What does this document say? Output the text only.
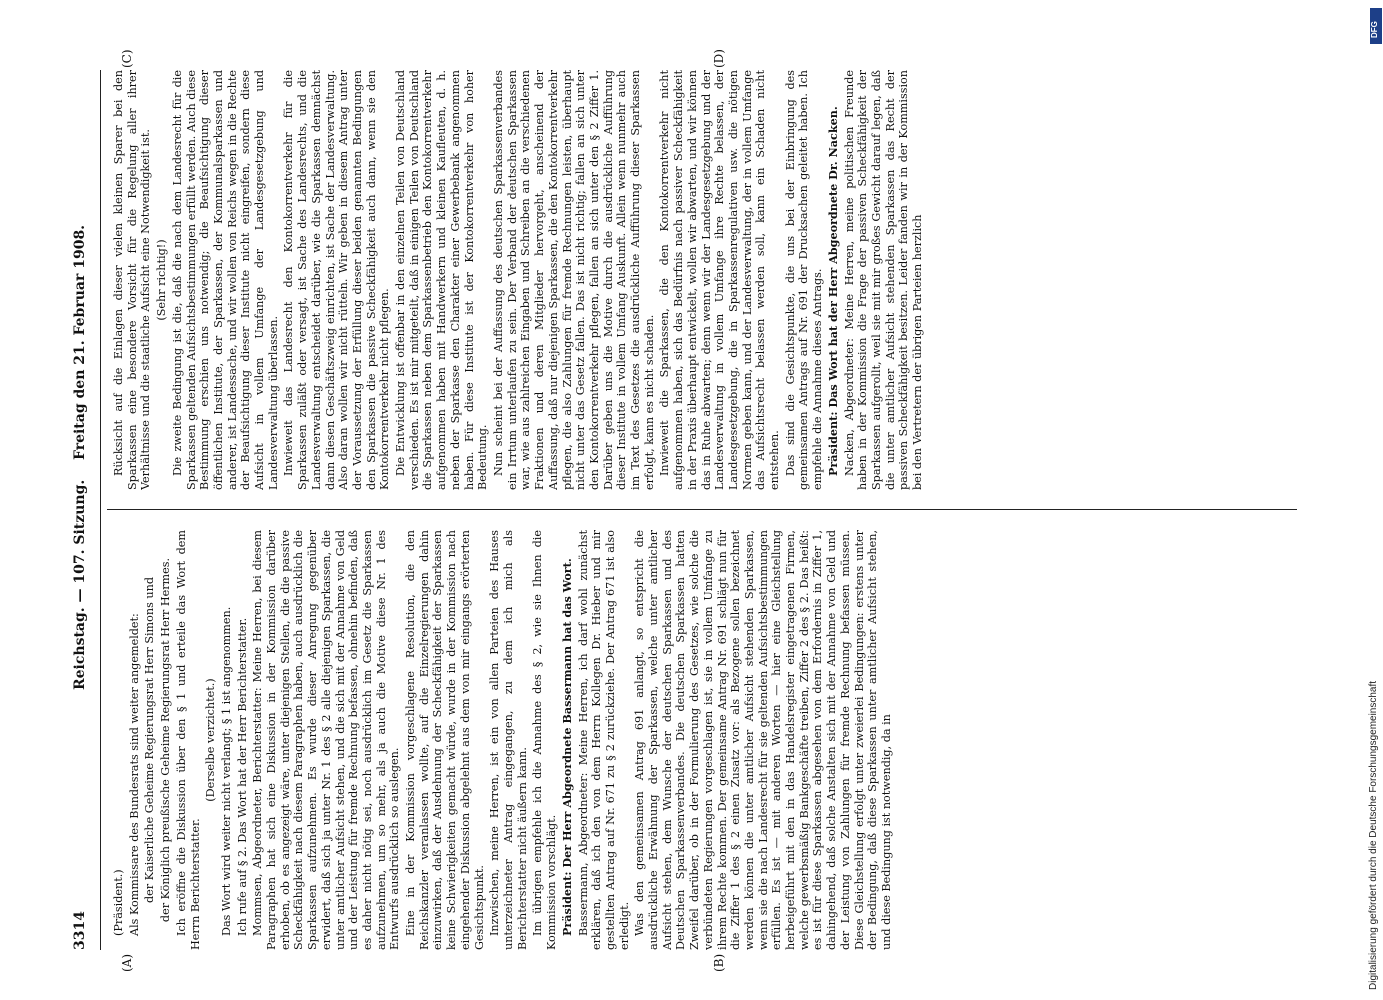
3314
Reichstag. — 107. Sitzung.
Freitag den 21. Februar 1908.
(A)	(B)
(C)	(D)

(Präsident.) Als Kommissare des Bundesrats sind weiter angemeldet: der Kaiserliche Geheime Regierungsrat Herr Simons und der Königlich preußische Geheime Regierungsrat Herr Hermes. Ich eröffne die Diskussion über den § 1 und erteile das Wort dem Herrn Berichterstatter.

(Derselbe verzichtet.) Das Wort wird weiter nicht verlangt; § 1 ist angenommen. Ich rufe auf § 2. Das Wort hat der Herr Berichterstatter. Mommsen, Abgeordneter, Berichterstatter: Meine Herren, bei diesem Paragraphen hat sich eine Diskussion in der Kommission darüber erhoben, ob es angezeigt wäre, unter diejenigen Stellen, die die passive Scheckfähigkeit nach diesem Paragraphen haben, auch ausdrücklich die Sparkassen aufzunehmen. Es wurde dieser Anregung gegenüber erwidert, daß sich ja unter Nr. 1 des § 2 alle diejenigen Sparkassen, die unter amtlicher Aufsicht stehen, und die sich mit der Annahme von Geld und der Leistung für fremde Rechnung befassen, ohnehin befinden, daß es daher nicht nötig sei, noch ausdrücklich im Gesetz die Sparkassen aufzunehmen, um so mehr, als ja auch die Motive diese Nr. 1 des Entwurfs ausdrücklich so auslegen. Eine in der Kommission vorgeschlagene Resolution, die den Reichskanzler veranlassen wollte, auf die Einzelregierungen dahin einzuwirken, daß der Ausdehnung der Scheckfähigkeit der Sparkassen keine Schwierigkeiten gemacht würde, wurde in der Kommission nach eingehender Diskussion abgelehnt aus dem von mir eingangs erörterten Gesichtspunkt. Inzwischen, meine Herren, ist ein von allen Parteien des Hauses unterzeichneter Antrag eingegangen, zu dem ich mich als Berichterstatter nicht äußern kann. Im übrigen empfehle ich die Annahme des § 2, wie sie Ihnen die Kommission vorschlägt. Präsident: Der Herr Abgeordnete Bassermann hat das Wort. Bassermann, Abgeordneter: Meine Herren, ich darf wohl zunächst erklären, daß ich den von dem Herrn Kollegen Dr. Hieber und mir gestellten Antrag auf Nr. 671 zu § 2 zurückziehe. Der Antrag 671 ist also erledigt. Was den gemeinsamen Antrag 691 anlangt, so entspricht die ausdrückliche Erwähnung der Sparkassen, welche unter amtlicher Aufsicht stehen, dem Wunsche der deutschen Sparkassen und des Deutschen Sparkassenverbandes. Die deutschen Sparkassen hatten Zweifel darüber, ob in der Formulierung des Gesetzes, wie solche die verbündeten Regierungen vorgeschlagen ist, sie in vollem Umfange zu ihrem Rechte kommen. Der gemeinsame Antrag Nr. 691 schlägt nun für die Ziffer 1 des § 2 einen Zusatz vor: als Bezogene sollen bezeichnet werden können die unter amtlicher Aufsicht stehenden Sparkassen, wenn sie die nach Landesrecht für sie geltenden Aufsichtsbestimmungen erfüllen. Es ist — mit anderen Worten — hier eine Gleichstellung herbeigeführt mit den in das Handelsregister eingetragenen Firmen, welche gewerbsmäßig Bankgeschäfte treiben, Ziffer 2 des § 2. Das heißt: es ist für diese Sparkassen abgesehen von dem Erfordernis in Ziffer 1, dahingehend, daß solche Anstalten sich mit der Annahme von Geld und der Leistung von Zahlungen für fremde Rechnung befassen müssen. Diese Gleichstellung erfolgt unter zweierlei Bedingungen: erstens unter der Bedingung, daß diese Sparkassen unter amtlicher Aufsicht stehen, und diese Bedingung ist notwendig, da in

Rücksicht auf die Einlagen dieser vielen kleinen Sparer bei den Sparkassen eine besondere Vorsicht für die Regelung aller ihrer Verhältnisse und die staatliche Aufsicht eine Notwendigkeit ist. (Sehr richtig!) Die zweite Bedingung ist die, daß die nach dem Landesrecht für die Sparkassen geltenden Aufsichtsbestimmungen erfüllt werden. Auch diese Bestimmung erschien uns notwendig; die Beaufsichtigung dieser öffentlichen Institute, der Sparkassen, der Kommunalsparkassen und anderer, ist Landessache, und wir wollen von Reichs wegen in die Rechte der Beaufsichtigung dieser Institute nicht eingreifen, sondern diese Aufsicht in vollem Umfange der Landesgesetzgebung und Landesverwaltung überlassen. Inwieweit das Landesrecht den Kontokorrentverkehr für die Sparkassen zuläßt oder versagt, ist Sache des Landesrechts, und die Landesverwaltung entscheidet darüber, wie die Sparkassen demnächst dann diesen Geschäftszweig einrichten, ist Sache der Landesverwaltung. Also daran wollen wir nicht rütteln. Wir geben in diesem Antrag unter der Voraussetzung der Erfüllung dieser beiden genannten Bedingungen den Sparkassen die passive Scheckfähigkeit auch dann, wenn sie den Kontokorrentverkehr nicht pflegen. Die Entwicklung ist offenbar in den einzelnen Teilen von Deutschland verschieden. Es ist mir mitgeteilt, daß in einigen Teilen von Deutschland die Sparkassen neben dem Sparkassenbetrieb den Kontokorrentverkehr aufgenommen haben mit Handwerkern und kleinen Kaufleuten, d. h. neben der Sparkasse den Charakter einer Gewerbebank angenommen haben. Für diese Institute ist der Kontokorrentverkehr von hoher Bedeutung. Nun scheint bei der Auffassung des deutschen Sparkassenverbandes ein Irrtum unterlaufen zu sein. Der Verband der deutschen Sparkassen war, wie aus zahlreichen Eingaben und Schreiben an die verschiedenen Fraktionen und deren Mitglieder hervorgeht, anscheinend der Auffassung, daß nur diejenigen Sparkassen, die den Kontokorrentverkehr pflegen, die also Zahlungen für fremde Rechnungen leisten, überhaupt nicht unter das Gesetz fallen. Das ist nicht richtig; fallen an sich unter den Kontokorrentverkehr pflegen, fallen an sich unter den § 2 Ziffer 1. Darüber geben uns die Motive durch die ausdrückliche Aufführung dieser Institute in vollem Umfang Auskunft. Allein wenn nunmehr auch im Text des Gesetzes die ausdrückliche Aufführung dieser Sparkassen erfolgt, kann es nicht schaden. Inwieweit die Sparkassen, die den Kontokorrentverkehr nicht aufgenommen haben, sich das Bedürfnis nach passiver Scheckfähigkeit in der Praxis überhaupt entwickelt, wollen wir abwarten, und wir können das in Ruhe abwarten; denn wenn wir der Landesgesetzgebung und der Landesverwaltung in vollem Umfange ihre Rechte belassen, der Landesgesetzgebung, die in Sparkassenregulativen usw. die nötigen Normen geben kann, und der Landesverwaltung, der in vollem Umfange das Aufsichtsrecht belassen werden soll, kann ein Schaden nicht entstehen. Das sind die Gesichtspunkte, die uns bei der Einbringung des gemeinsamen Antrags auf Nr. 691 der Drucksachen geleitet haben. Ich empfehle die Annahme dieses Antrags. Präsident: Das Wort hat der Herr Abgeordnete Dr. Nacken. Nacken, Abgeordneter: Meine Herren, meine politischen Freunde haben in der Kommission die Frage der passiven Scheckfähigkeit der Sparkassen aufgerollt, weil sie mit mir großes Gewicht darauf legen, daß die unter amtlicher Aufsicht stehenden Sparkassen das Recht der passiven Scheckfähigkeit besitzen. Leider fanden wir in der Kommission bei den Vertretern der übrigen Parteien herzlich

DFG
Digitalisierung gefördert durch die Deutsche Forschungsgemeinschaft
